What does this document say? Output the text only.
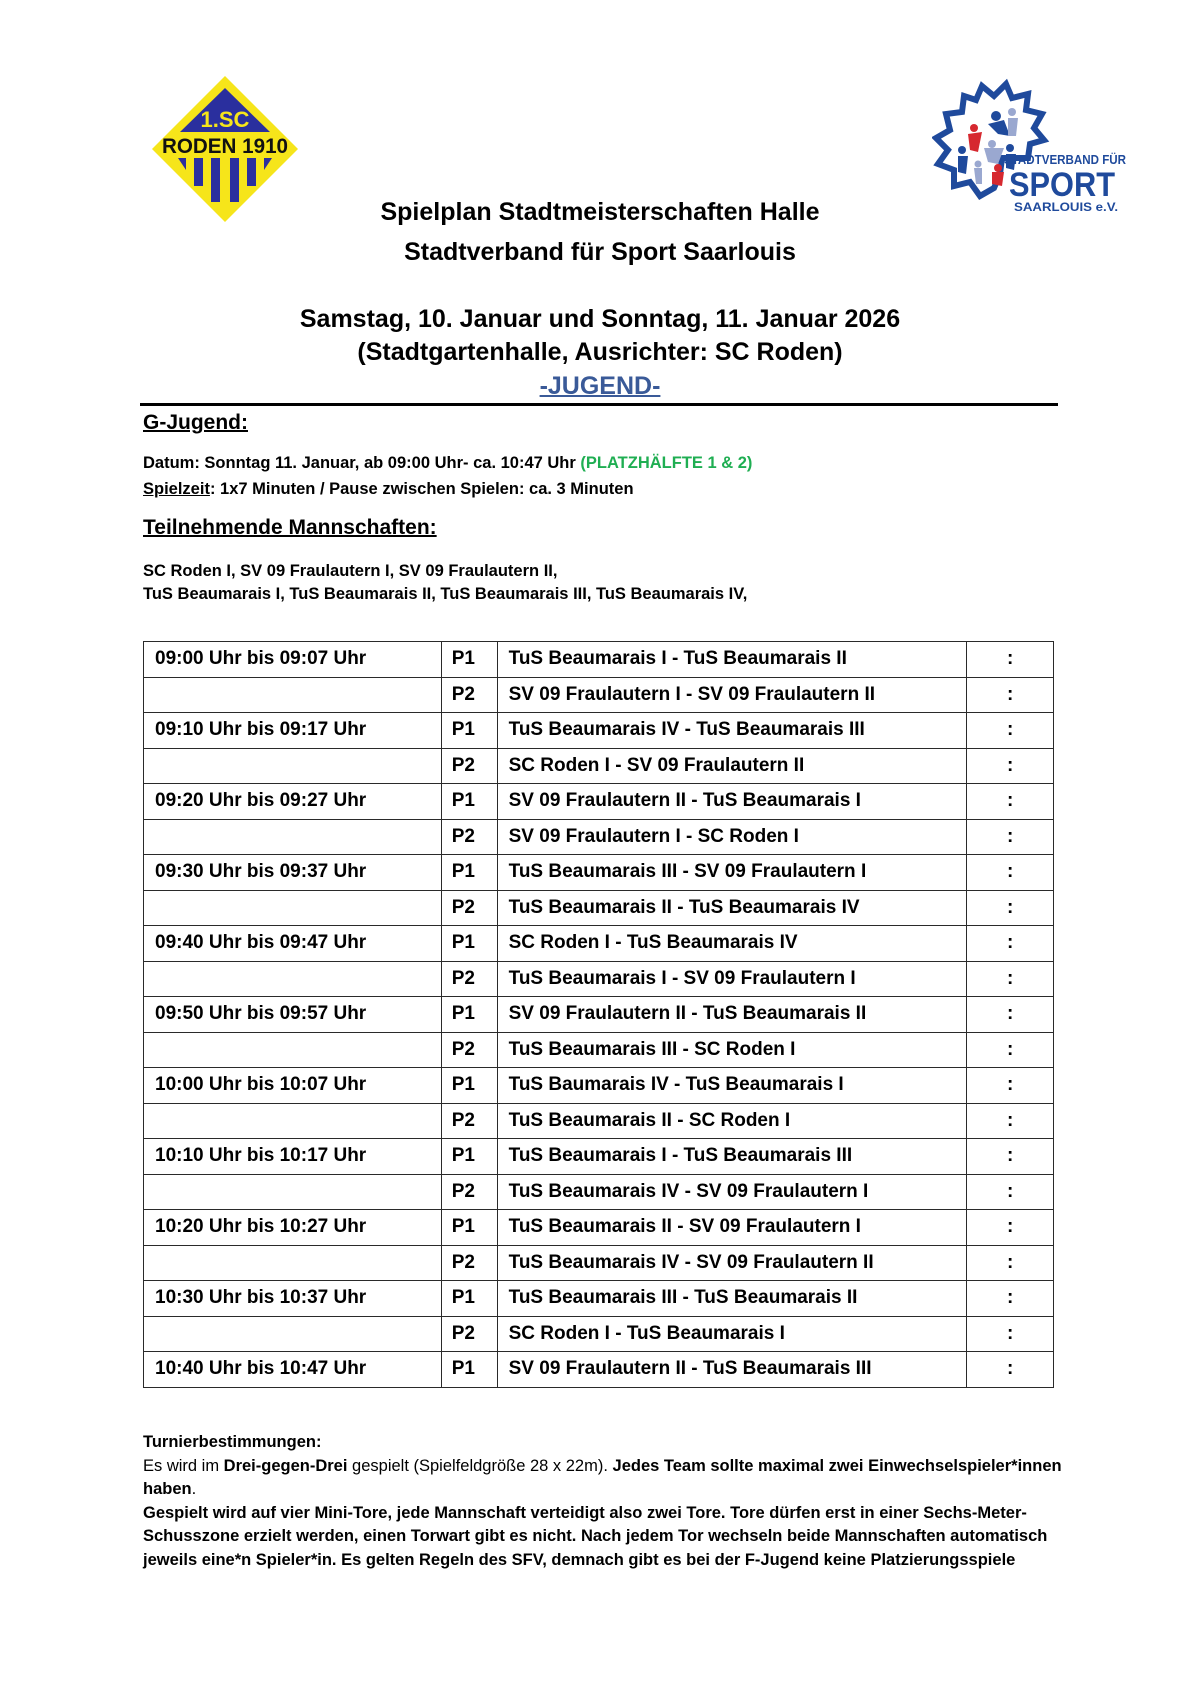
1.SC
RODEN 1910
STADTVERBAND FÜR
SPORT
SAARLOUIS e.V.
Spielplan Stadtmeisterschaften Halle
Stadtverband für Sport Saarlouis
Samstag, 10. Januar und Sonntag, 11. Januar 2026
(Stadtgartenhalle, Ausrichter: SC Roden)
-JUGEND-
G-Jugend:
Datum: Sonntag 11. Januar, ab 09:00 Uhr- ca. 10:47 Uhr (PLATZHÄLFTE 1 & 2)
Spielzeit: 1x7 Minuten / Pause zwischen Spielen: ca. 3 Minuten
Teilnehmende Mannschaften:
SC Roden I, SV 09 Fraulautern I, SV 09 Fraulautern II,
TuS Beaumarais I, TuS Beaumarais II, TuS Beaumarais III, TuS Beaumarais IV,
09:00 Uhr bis 09:07 Uhr	P1	TuS Beaumarais I - TuS Beaumarais II	:
	P2	SV 09 Fraulautern I - SV 09 Fraulautern II	:
09:10 Uhr bis 09:17 Uhr	P1	TuS Beaumarais IV - TuS Beaumarais III	:
	P2	SC Roden I - SV 09 Fraulautern II	:
09:20 Uhr bis 09:27 Uhr	P1	SV 09 Fraulautern II - TuS Beaumarais I	:
	P2	SV 09 Fraulautern I - SC Roden I	:
09:30 Uhr bis 09:37 Uhr	P1	TuS Beaumarais III - SV 09 Fraulautern I	:
	P2	TuS Beaumarais II - TuS Beaumarais IV	:
09:40 Uhr bis 09:47 Uhr	P1	SC Roden I - TuS Beaumarais IV	:
	P2	TuS Beaumarais I - SV 09 Fraulautern I	:
09:50 Uhr bis 09:57 Uhr	P1	SV 09 Fraulautern II - TuS Beaumarais II	:
	P2	TuS Beaumarais III - SC Roden I	:
10:00 Uhr bis 10:07 Uhr	P1	TuS Baumarais IV - TuS Beaumarais I	:
	P2	TuS Beaumarais II - SC Roden I	:
10:10 Uhr bis 10:17 Uhr	P1	TuS Beaumarais I - TuS Beaumarais III	:
	P2	TuS Beaumarais IV - SV 09 Fraulautern I	:
10:20 Uhr bis 10:27 Uhr	P1	TuS Beaumarais II - SV 09 Fraulautern I	:
	P2	TuS Beaumarais IV - SV 09 Fraulautern II	:
10:30 Uhr bis 10:37 Uhr	P1	TuS Beaumarais III - TuS Beaumarais II	:
	P2	SC Roden I - TuS Beaumarais I	:
10:40 Uhr bis 10:47 Uhr	P1	SV 09 Fraulautern II - TuS Beaumarais III	:
Turnierbestimmungen:
Es wird im Drei-gegen-Drei gespielt (Spielfeldgröße 28 x 22m). Jedes Team sollte maximal zwei Einwechselspieler*innen haben.
Gespielt wird auf vier Mini-Tore, jede Mannschaft verteidigt also zwei Tore. Tore dürfen erst in einer Sechs-Meter-Schusszone erzielt werden, einen Torwart gibt es nicht. Nach jedem Tor wechseln beide Mannschaften automatisch jeweils eine*n Spieler*in. Es gelten Regeln des SFV, demnach gibt es bei der F-Jugend keine Platzierungsspiele
